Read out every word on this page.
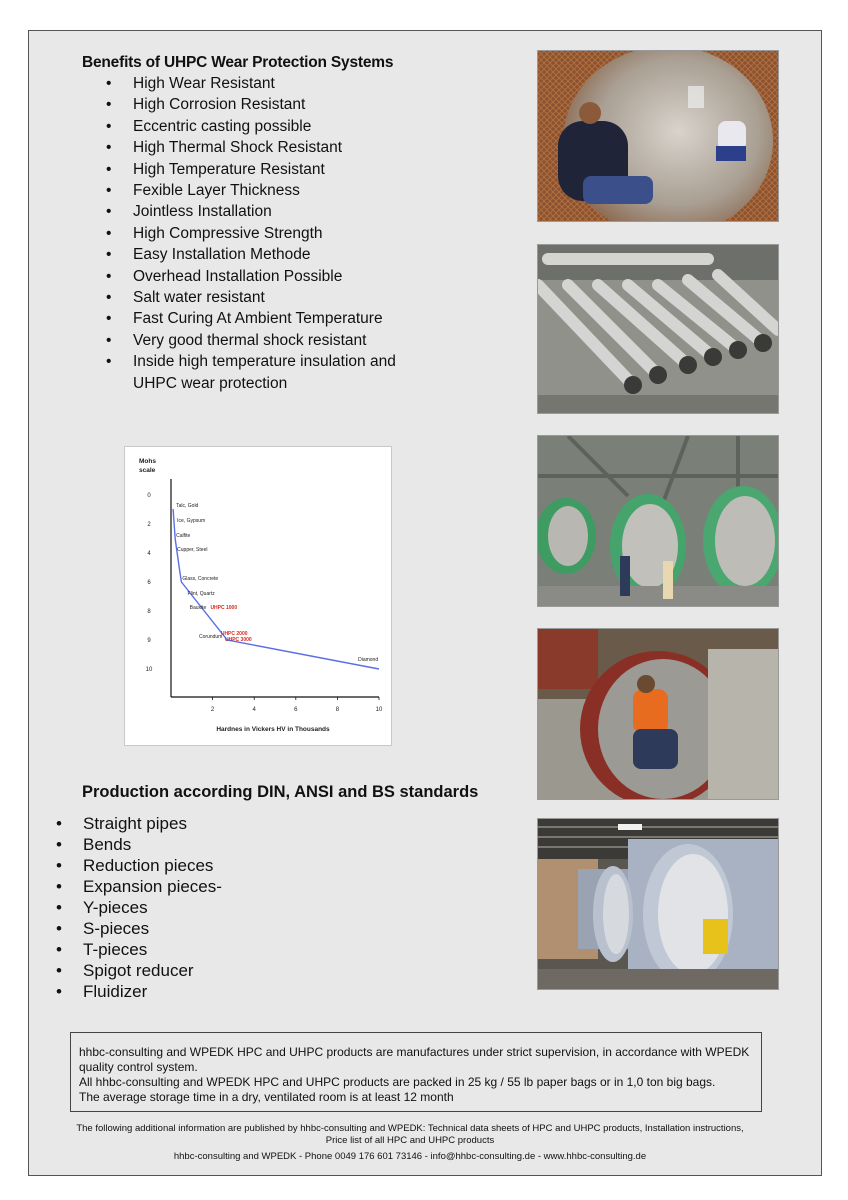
Benefits of UHPC Wear Protection Systems
• High Wear Resistant
• High Corrosion Resistant
• Eccentric casting possible
• High Thermal Shock Resistant
• High Temperature Resistant
• Fexible Layer Thickness
• Jointless Installation
• High Compressive Strength
• Easy Installation Methode
• Overhead Installation Possible
• Salt water resistant
• Fast Curing At Ambient Temperature
• Very good thermal shock resistant
• Inside high temperature insulation and UHPC wear protection
Mohs
scale
Hardnes in Vickers HV in Thousands
0
2
4
6
8
9
10
2	4	6	8	10
Talc, Gold
Ice, Gypsum
Calfite
Cupper, Steel
Glass, Concrete
Flint, Quartz
Bauxite UHPC 1000
Corundum
UHPC 2000
UHPC 3000
Diamond
Production according DIN, ANSI and BS standards
• Straight pipes
• Bends
• Reduction pieces
• Expansion pieces-
• Y-pieces
• S-pieces
• T-pieces
• Spigot reducer
• Fluidizer

hhbc-consulting and WPEDK HPC and UHPC products are manufactures under strict supervision, in accordance with WPEDK quality control system.

All hhbc-consulting and WPEDK HPC and UHPC products are packed in 25 kg / 55 lb paper bags or in 1,0 ton big bags.

The average storage time in a dry, ventilated room is at least 12 month

The following additional information are published by hhbc-consulting and WPEDK: Technical data sheets of HPC and UHPC products, Installation instructions,
Price list of all HPC and UHPC products
hhbc-consulting and WPEDK - Phone 0049 176 601 73146 - info@hhbc-consulting.de - www.hhbc-consulting.de
